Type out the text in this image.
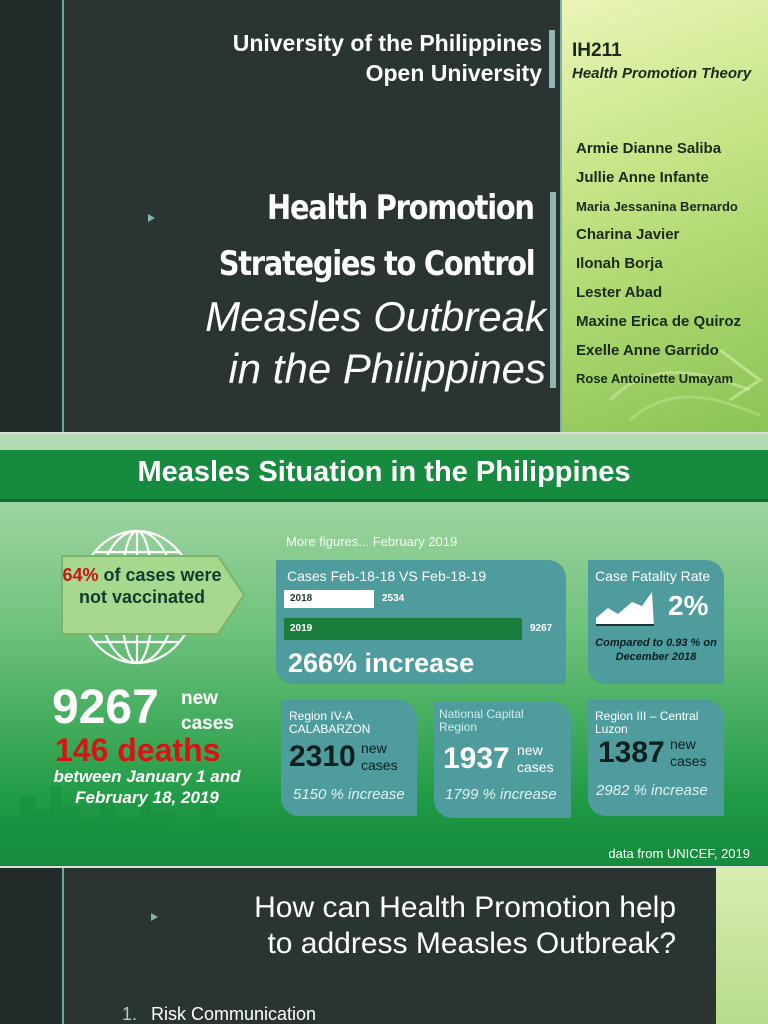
University of the Philippines
Open University
IH211
Health Promotion Theory
Armie Dianne Saliba
Jullie Anne Infante
Maria Jessanina Bernardo
Charina Javier
Ilonah Borja
Lester Abad
Maxine Erica de Quiroz
Exelle Anne Garrido
Rose Antoinette Umayam
Health Promotion
Strategies to Control
Measles Outbreak
in the Philippines
Measles Situation in the Philippines
64% of cases were not vaccinated
9267 new
cases
146 deaths
between January 1 and February 18, 2019
More figures... February 2019
Cases Feb-18-18 VS Feb-18-19
2018	2534
2019	9267
266% increase
Case Fatality Rate
2%
Compared to 0.93 % on December 2018
Region IV-A CALABARZON
2310 new
cases
5150 % increase
National Capital Region
1937 new
cases
1799 % increase
Region III – Central Luzon
1387 new
cases
2982 % increase
data from UNICEF, 2019
How can Health Promotion help
to address Measles Outbreak?
1. Risk Communication
